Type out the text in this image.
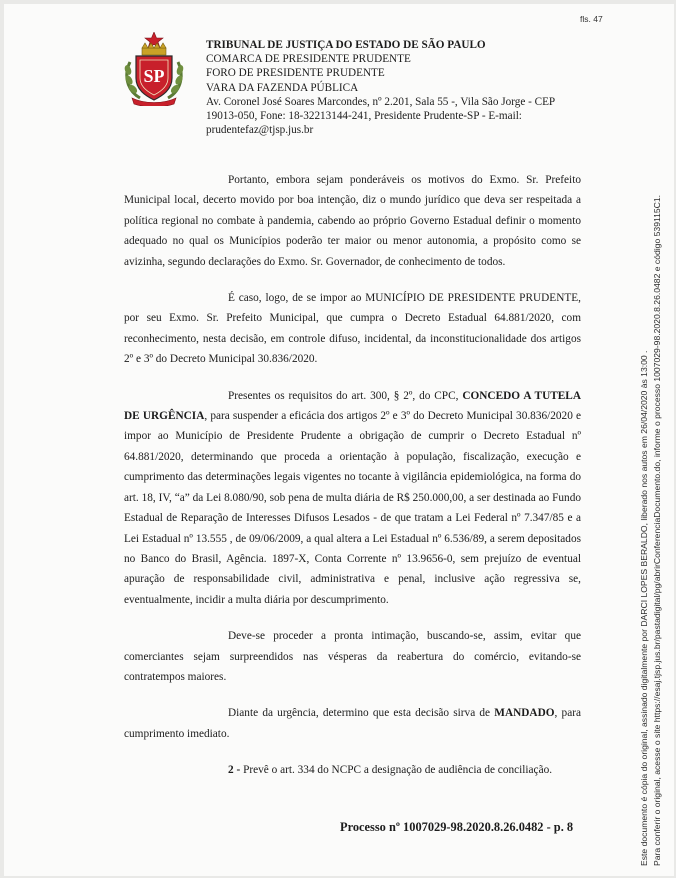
fls. 47
SP
TRIBUNAL DE JUSTIÇA DO ESTADO DE SÃO PAULO
COMARCA DE PRESIDENTE PRUDENTE
FORO DE PRESIDENTE PRUDENTE
VARA DA FAZENDA PÚBLICA
Av. Coronel José Soares Marcondes, nº 2.201, Sala 55 -, Vila São Jorge - CEP
19013-050, Fone: 18-32213144-241, Presidente Prudente-SP - E-mail:
prudentefaz@tjsp.jus.br

Portanto, embora sejam ponderáveis os motivos do Exmo. Sr. Prefeito Municipal local, decerto movido por boa intenção, diz o mundo jurídico que deva ser respeitada a política regional no combate à pandemia, cabendo ao próprio Governo Estadual definir o momento adequado no qual os Municípios poderão ter maior ou menor autonomia, a propósito como se avizinha, segundo declarações do Exmo. Sr. Governador, de conhecimento de todos.

É caso, logo, de se impor ao MUNICÍPIO DE PRESIDENTE PRUDENTE, por seu Exmo. Sr. Prefeito Municipal, que cumpra o Decreto Estadual 64.881/2020, com reconhecimento, nesta decisão, em controle difuso, incidental, da inconstitucionalidade dos artigos 2º e 3º do Decreto Municipal 30.836/2020.

Presentes os requisitos do art. 300, § 2º, do CPC, CONCEDO A TUTELA DE URGÊNCIA, para suspender a eficácia dos artigos 2º e 3º do Decreto Municipal 30.836/2020 e impor ao Município de Presidente Prudente a obrigação de cumprir o Decreto Estadual nº 64.881/2020, determinando que proceda a orientação à população, fiscalização, execução e cumprimento das determinações legais vigentes no tocante à vigilância epidemiológica, na forma do art. 18, IV, “a” da Lei 8.080/90, sob pena de multa diária de R$ 250.000,00, a ser destinada ao Fundo Estadual de Reparação de Interesses Difusos Lesados - de que tratam a Lei Federal nº 7.347/85 e a Lei Estadual nº 13.555 , de 09/06/2009, a qual altera a Lei Estadual nº 6.536/89, a serem depositados no Banco do Brasil, Agência. 1897-X, Conta Corrente nº 13.9656-0, sem prejuízo de eventual apuração de responsabilidade civil, administrativa e penal, inclusive ação regressiva se, eventualmente, incidir a multa diária por descumprimento.

Deve-se proceder a pronta intimação, buscando-se, assim, evitar que comerciantes sejam surpreendidos nas vésperas da reabertura do comércio, evitando-se contratempos maiores.

Diante da urgência, determino que esta decisão sirva de MANDADO, para cumprimento imediato.

2 - Prevê o art. 334 do NCPC a designação de audiência de conciliação.

Processo nº 1007029-98.2020.8.26.0482 - p. 8	Este documento é cópia do original, assinado digitalmente por DARCI LOPES BERALDO, liberado nos autos em 26/04/2020 às 13:00 . Para conferir o original, acesse o site https://esaj.tjsp.jus.br/pastadigital/pg/abrirConferenciaDocumento.do, informe o processo 1007029-98.2020.8.26.0482 e código 539115C1.
